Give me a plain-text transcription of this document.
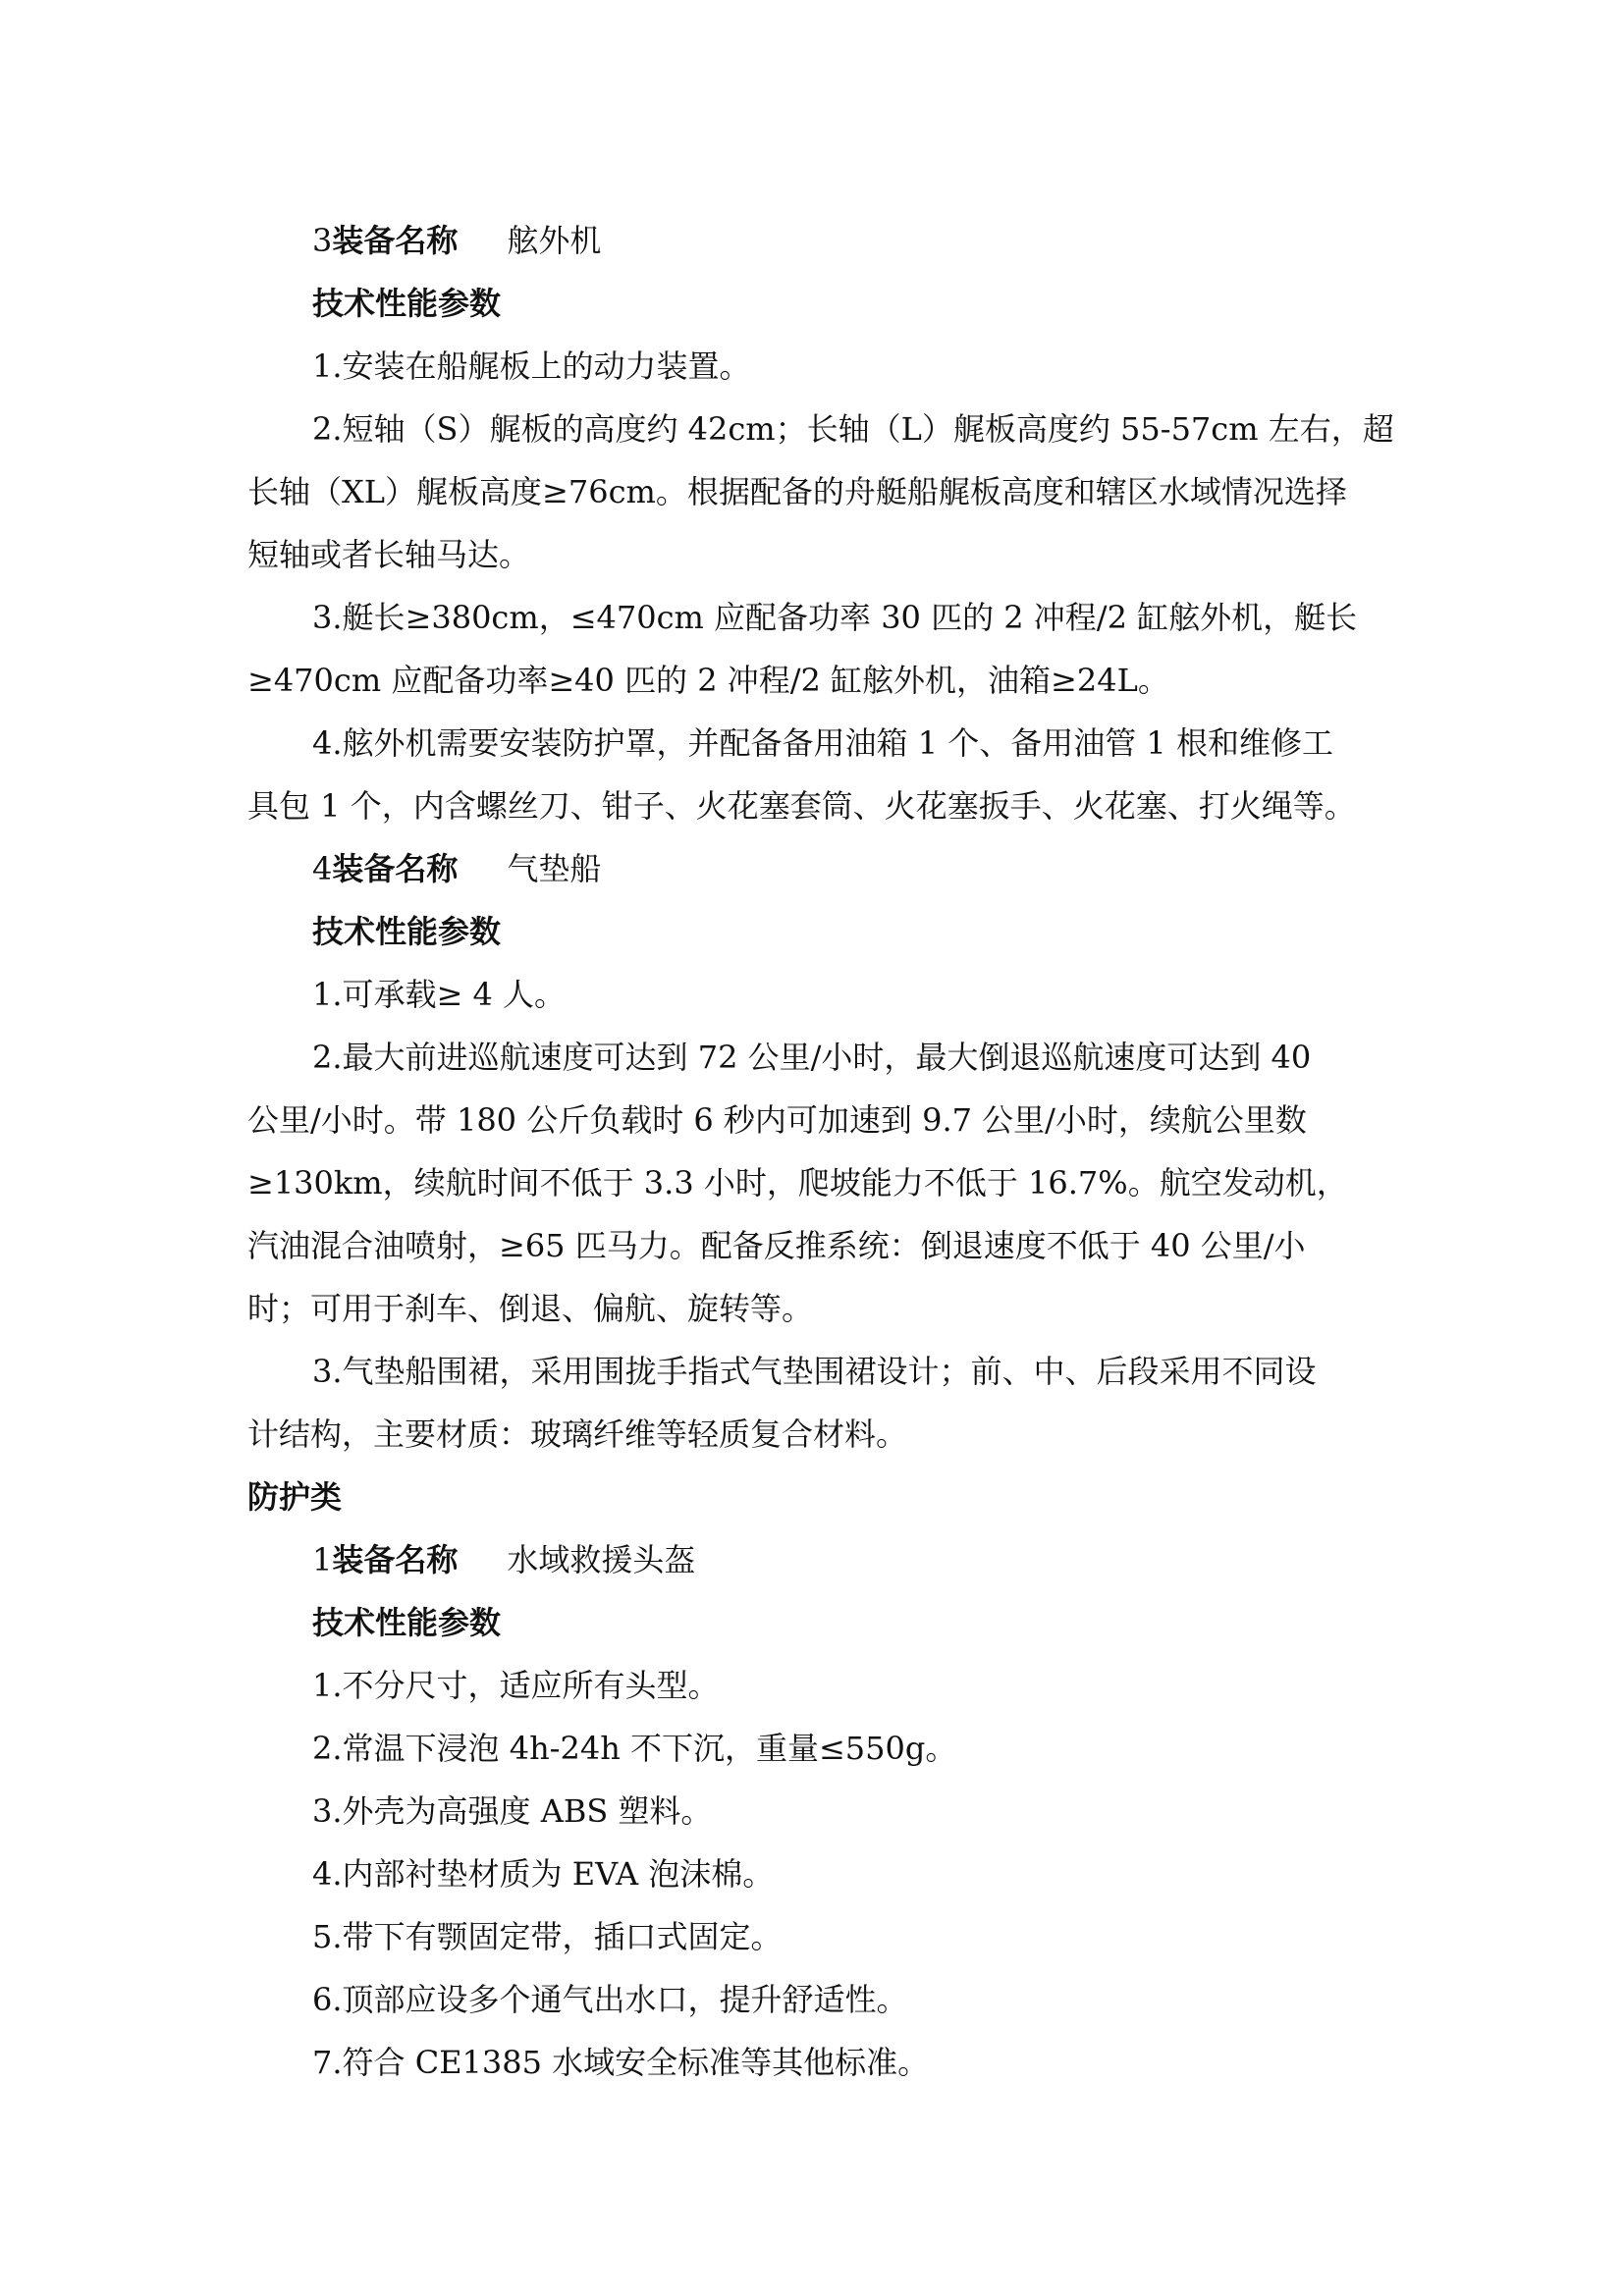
3装备名称 舷外机
技术性能参数
1.安装在船艉板上的动力装置。
2.短轴（S）艉板的高度约 42cm；长轴（L）艉板高度约 55-57cm 左右，超
长轴（XL）艉板高度≥76cm。根据配备的舟艇船艉板高度和辖区水域情况选择
短轴或者长轴马达。
3.艇长≥380cm，≤470cm 应配备功率 30 匹的 2 冲程/2 缸舷外机，艇长
≥470cm 应配备功率≥40 匹的 2 冲程/2 缸舷外机，油箱≥24L。
4.舷外机需要安装防护罩，并配备备用油箱 1 个、备用油管 1 根和维修工
具包 1 个，内含螺丝刀、钳子、火花塞套筒、火花塞扳手、火花塞、打火绳等。
4装备名称 气垫船
技术性能参数
1.可承载≥ 4 人。
2.最大前进巡航速度可达到 72 公里/小时，最大倒退巡航速度可达到 40
公里/小时。带 180 公斤负载时 6 秒内可加速到 9.7 公里/小时，续航公里数
≥130km，续航时间不低于 3.3 小时，爬坡能力不低于 16.7%。航空发动机，
汽油混合油喷射，≥65 匹马力。配备反推系统：倒退速度不低于 40 公里/小
时；可用于刹车、倒退、偏航、旋转等。
3.气垫船围裙，采用围拢手指式气垫围裙设计；前、中、后段采用不同设
计结构，主要材质：玻璃纤维等轻质复合材料。
防护类
1装备名称 水域救援头盔
技术性能参数
1.不分尺寸，适应所有头型。
2.常温下浸泡 4h-24h 不下沉，重量≤550g。
3.外壳为高强度 ABS 塑料。
4.内部衬垫材质为 EVA 泡沫棉。
5.带下有颚固定带，插口式固定。
6.顶部应设多个通气出水口，提升舒适性。
7.符合 CE1385 水域安全标准等其他标准。
